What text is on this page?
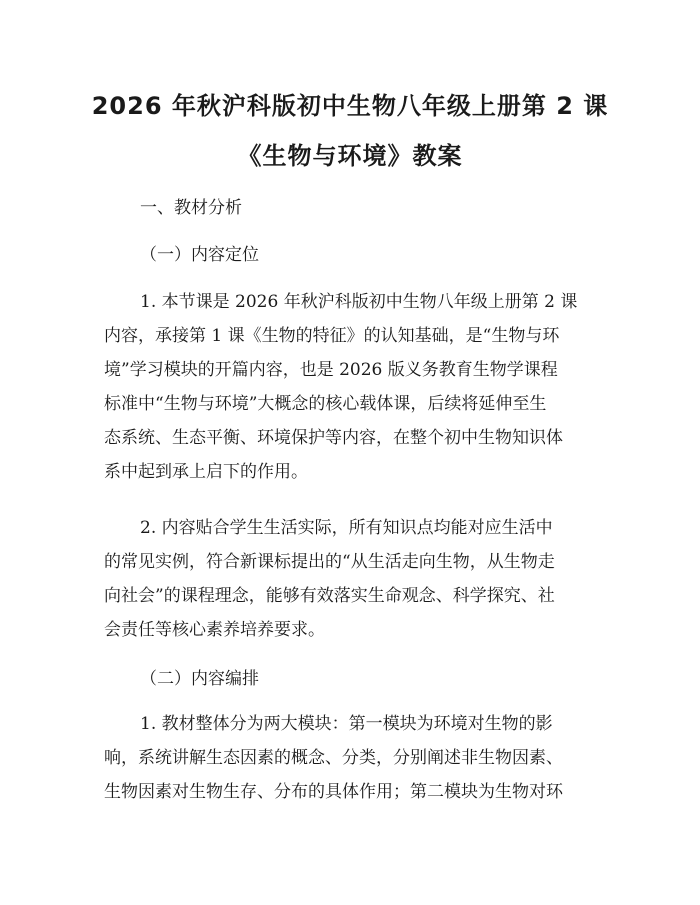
2026 年秋沪科版初中生物八年级上册第 2 课
《生物与环境》教案
一、教材分析
（一）内容定位
1. 本节课是 2026 年秋沪科版初中生物八年级上册第 2 课
内容，承接第 1 课《生物的特征》的认知基础，是“生物与环
境”学习模块的开篇内容，也是 2026 版义务教育生物学课程
标准中“生物与环境”大概念的核心载体课，后续将延伸至生
态系统、生态平衡、环境保护等内容，在整个初中生物知识体
系中起到承上启下的作用。
2. 内容贴合学生生活实际，所有知识点均能对应生活中
的常见实例，符合新课标提出的“从生活走向生物，从生物走
向社会”的课程理念，能够有效落实生命观念、科学探究、社
会责任等核心素养培养要求。
（二）内容编排
1. 教材整体分为两大模块：第一模块为环境对生物的影
响，系统讲解生态因素的概念、分类，分别阐述非生物因素、
生物因素对生物生存、分布的具体作用；第二模块为生物对环
